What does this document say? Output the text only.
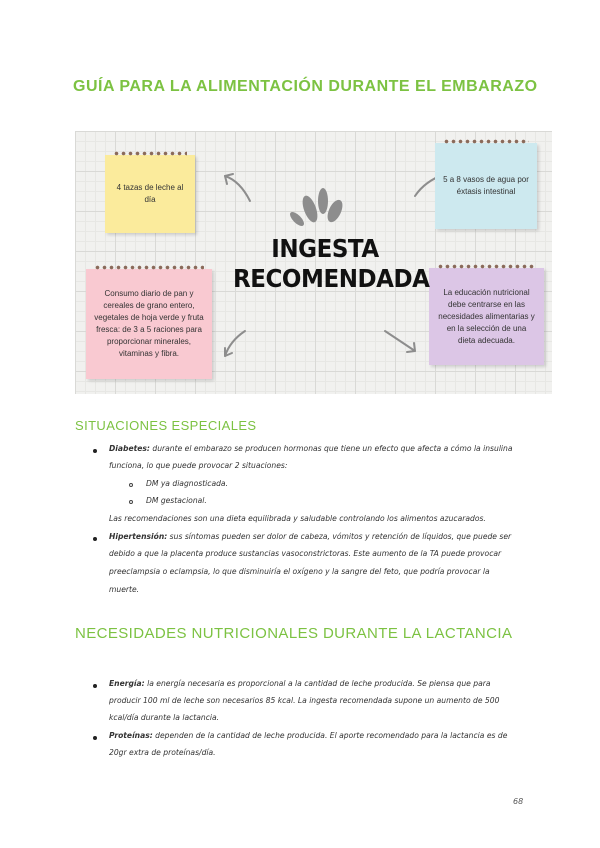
GUÍA PARA LA ALIMENTACIÓN DURANTE EL EMBARAZO
4 tazas de leche al día
5 a 8 vasos de agua por éxtasis intestinal
Consumo diario de pan y cereales de grano entero, vegetales de hoja verde y fruta fresca: de 3 a 5 raciones para proporcionar minerales, vitaminas y fibra.
La educación nutricional debe centrarse en las necesidades alimentarias y en la selección de una dieta adecuada.
INGESTA
RECOMENDADA
SITUACIONES ESPECIALES
Diabetes: durante el embarazo se producen hormonas que tiene un efecto que afecta a cómo la insulina
funciona, lo que puede provocar 2 situaciones:
DM ya diagnosticada.
DM gestacional.
Las recomendaciones son una dieta equilibrada y saludable controlando los alimentos azucarados.
Hipertensión: sus síntomas pueden ser dolor de cabeza, vómitos y retención de líquidos, que puede ser
debido a que la placenta produce sustancias vasoconstrictoras. Este aumento de la TA puede provocar
preeclampsia o eclampsia, lo que disminuiría el oxígeno y la sangre del feto, que podría provocar la
muerte.
NECESIDADES NUTRICIONALES DURANTE LA LACTANCIA
Energía: la energía necesaria es proporcional a la cantidad de leche producida. Se piensa que para
producir 100 ml de leche son necesarios 85 kcal. La ingesta recomendada supone un aumento de 500
kcal/día durante la lactancia.
Proteínas: dependen de la cantidad de leche producida. El aporte recomendado para la lactancia es de
20gr extra de proteínas/día.
68
